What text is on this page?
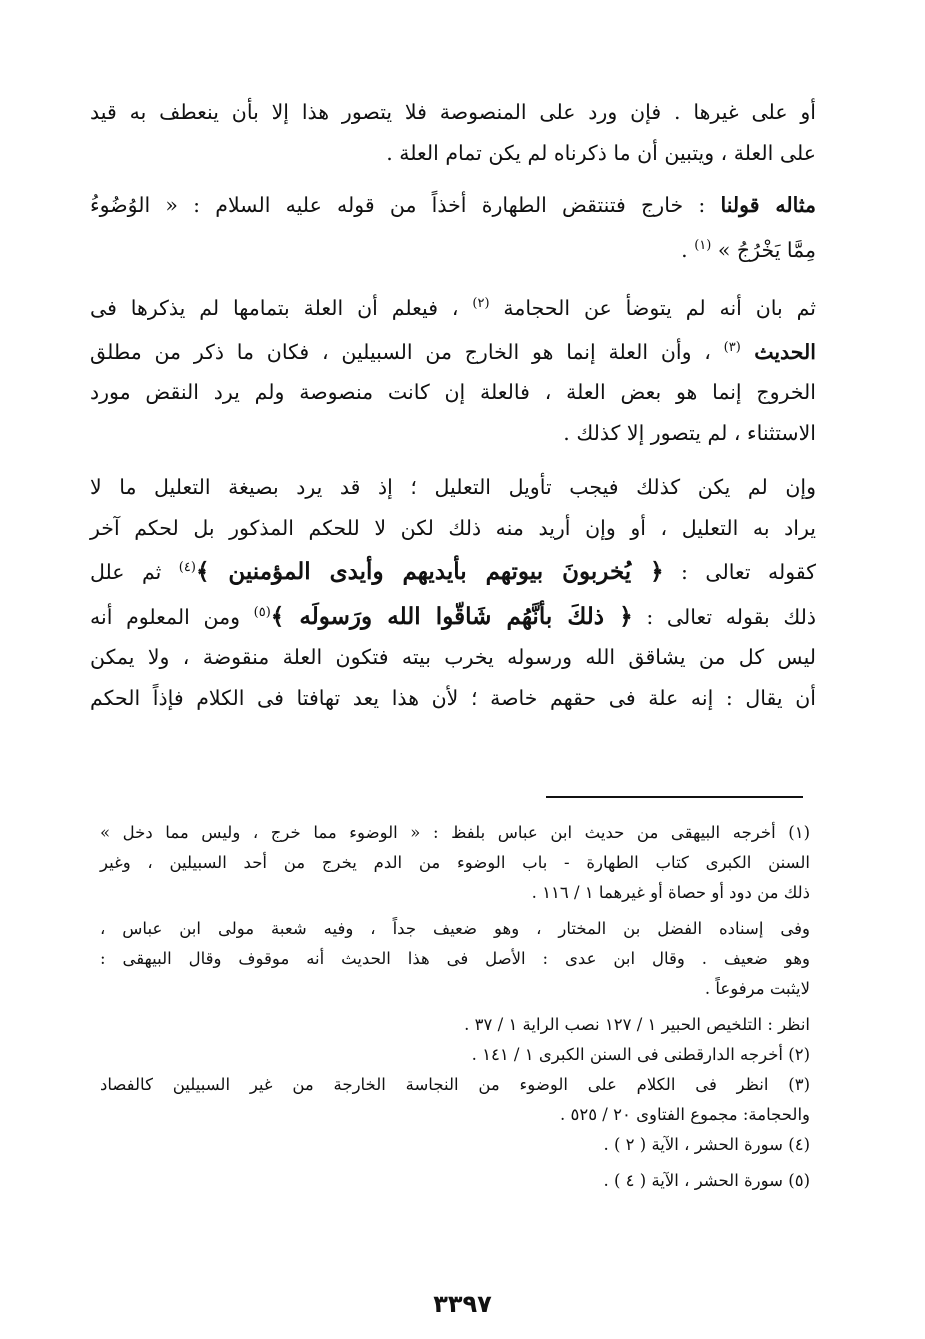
أو على غيرها . فإن ورد على المنصوصة فلا يتصور هذا إلا بأن ينعطف به قيد
على العلة ، ويتبين أن ما ذكرناه لم يكن تمام العلة .

مثاله قولنا : خارج فتنتقض الطهارة أخذاً من قوله عليه السلام : « الوُضُوءُ
مِمَّا يَخْرُجُ » $^{(١)}$ .

ثم بان أنه لم يتوضأ عن الحجامة $^{(٢)}$ ، فيعلم أن العلة بتمامها لم يذكرها فى
الحديث $^{(٣)}$ ، وأن العلة إنما هو الخارج من السبيلين ، فكان ما ذكر من مطلق
الخروج إنما هو بعض العلة ، فالعلة إن كانت منصوصة ولم يرد النقض مورد
الاستثناء ، لم يتصور إلا كذلك .

وإن لم يكن كذلك فيجب تأويل التعليل ؛ إذ قد يرد بصيغة التعليل ما لا
يراد به التعليل ، أو وإن أريد منه ذلك لكن لا للحكم المذكور بل لحكم آخر
كقوله تعالى : ﴿ يُخربونَ بيوتهم بأيديهم وأيدى المؤمنين ﴾$^{(٤)}$ ثم علل
ذلك بقوله تعالى : ﴿ ذلكَ بأنَّهُم شَاقّوا الله ورَسولَه ﴾$^{(٥)}$ ومن المعلوم أنه
ليس كل من يشاقق الله ورسوله يخرب بيته فتكون العلة منقوضة ، ولا يمكن
أن يقال : إنه علة فى حقهم خاصة ؛ لأن هذا يعد تهافتا فى الكلام فإذاً الحكم

(١) أخرجه البيهقى من حديث ابن عباس بلفظ : « الوضوء مما خرج ، وليس مما دخل »
السنن الكبرى كتاب الطهارة - باب الوضوء من الدم يخرج من أحد السبيلين ، وغير
ذلك من دود أو حصاة أو غيرهما ١ / ١١٦ .
وفى إسناده الفضل بن المختار ، وهو ضعيف جداً ، وفيه شعبة مولى ابن عباس ،
وهو ضعيف . وقال ابن عدى : الأصل فى هذا الحديث أنه موقوف وقال البيهقى :
لايثبت مرفوعاً .
انظر : التلخيص الحبير ١ / ١٢٧ نصب الراية ١ / ٣٧ .
(٢) أخرجه الدارقطنى فى السنن الكبرى ١ / ١٤١ .
(٣) انظر فى الكلام على الوضوء من النجاسة الخارجة من غير السبيلين كالفصاد
والحجامة: مجموع الفتاوى ٢٠ / ٥٢٥ .
(٤) سورة الحشر ، الآية ( ٢ ) .
(٥) سورة الحشر ، الآية ( ٤ ) .
٣٣٩٧
